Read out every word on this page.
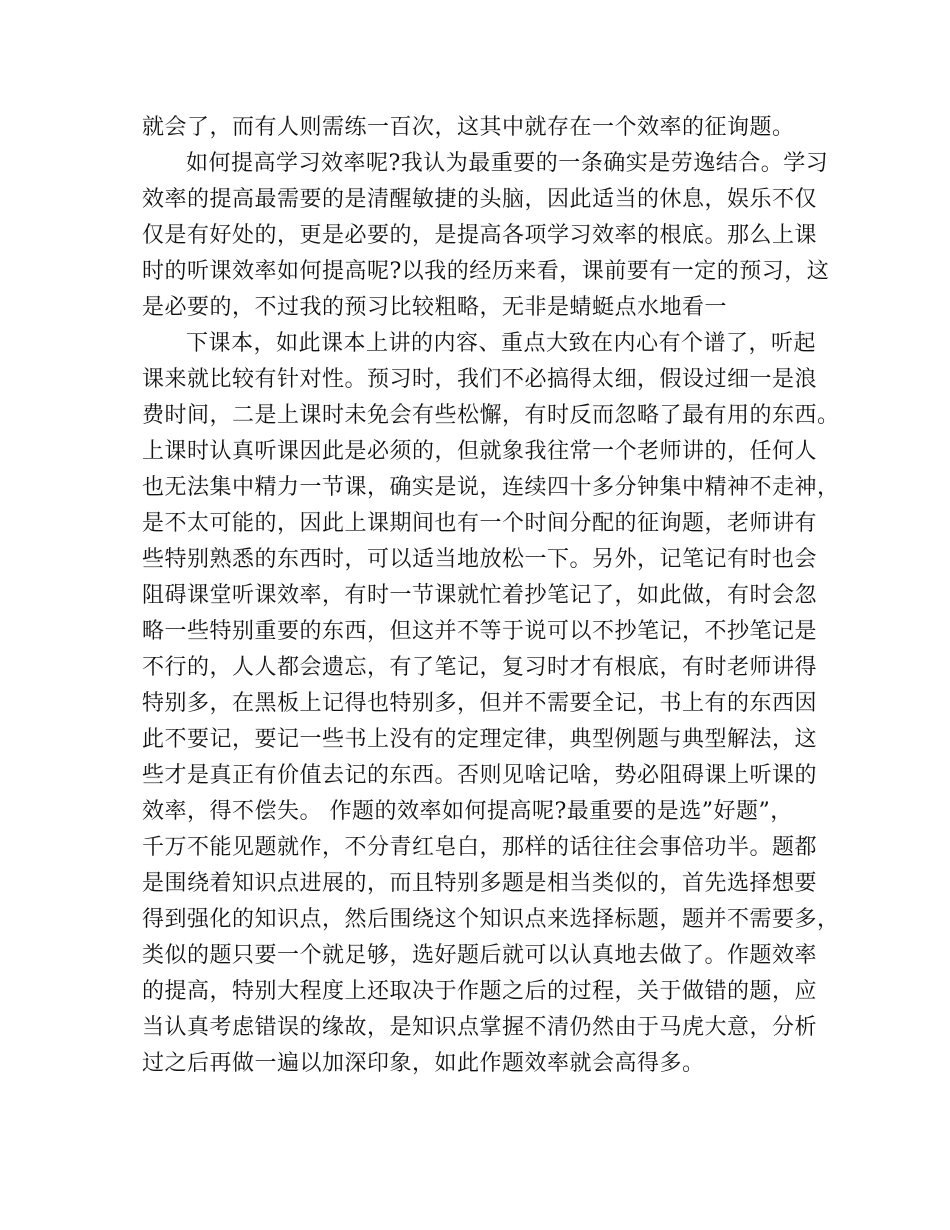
就会了，而有人则需练一百次，这其中就存在一个效率的征询题。
如何提高学习效率呢?我认为最重要的一条确实是劳逸结合。学习
效率的提高最需要的是清醒敏捷的头脑，因此适当的休息，娱乐不仅
仅是有好处的，更是必要的，是提高各项学习效率的根底。那么上课
时的听课效率如何提高呢?以我的经历来看，课前要有一定的预习，这
是必要的，不过我的预习比较粗略，无非是蜻蜓点水地看一
下课本，如此课本上讲的内容、重点大致在内心有个谱了，听起
课来就比较有针对性。预习时，我们不必搞得太细，假设过细一是浪
费时间，二是上课时未免会有些松懈，有时反而忽略了最有用的东西。
上课时认真听课因此是必须的，但就象我往常一个老师讲的，任何人
也无法集中精力一节课，确实是说，连续四十多分钟集中精神不走神，
是不太可能的，因此上课期间也有一个时间分配的征询题，老师讲有
些特别熟悉的东西时，可以适当地放松一下。另外，记笔记有时也会
阻碍课堂听课效率，有时一节课就忙着抄笔记了，如此做，有时会忽
略一些特别重要的东西，但这并不等于说可以不抄笔记，不抄笔记是
不行的，人人都会遗忘，有了笔记，复习时才有根底，有时老师讲得
特别多，在黑板上记得也特别多，但并不需要全记，书上有的东西因
此不要记，要记一些书上没有的定理定律，典型例题与典型解法，这
些才是真正有价值去记的东西。否则见啥记啥，势必阻碍课上听课的
效率，得不偿失。 作题的效率如何提高呢?最重要的是选”好题”，
千万不能见题就作，不分青红皂白，那样的话往往会事倍功半。题都
是围绕着知识点进展的，而且特别多题是相当类似的，首先选择想要
得到强化的知识点，然后围绕这个知识点来选择标题，题并不需要多，
类似的题只要一个就足够，选好题后就可以认真地去做了。作题效率
的提高，特别大程度上还取决于作题之后的过程，关于做错的题，应
当认真考虑错误的缘故，是知识点掌握不清仍然由于马虎大意，分析
过之后再做一遍以加深印象，如此作题效率就会高得多。
